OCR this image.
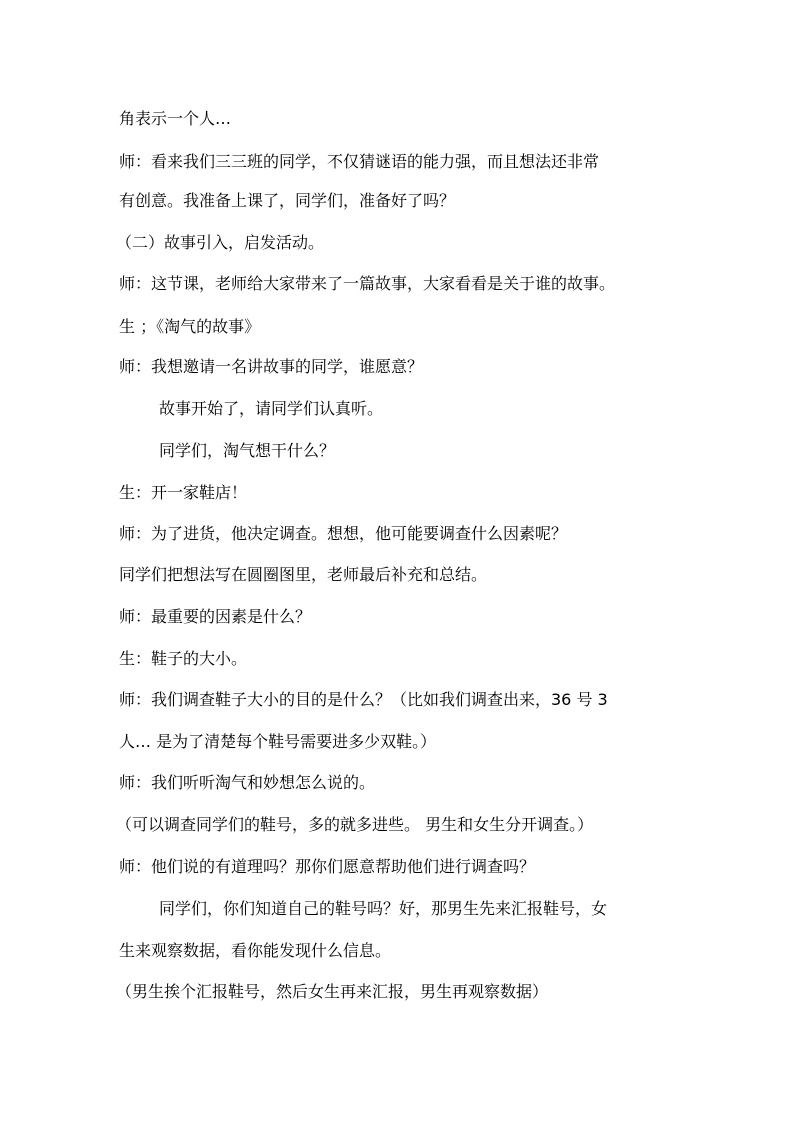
角表示一个人…
师：看来我们三三班的同学，不仅猜谜语的能力强，而且想法还非常
有创意。我准备上课了，同学们，准备好了吗？
（二）故事引入，启发活动。
师：这节课，老师给大家带来了一篇故事，大家看看是关于谁的故事。
生 ；《淘气的故事》
师：我想邀请一名讲故事的同学，谁愿意？
故事开始了，请同学们认真听。
同学们，淘气想干什么？
生：开一家鞋店！
师：为了进货，他决定调查。想想，他可能要调查什么因素呢？
同学们把想法写在圆圈图里，老师最后补充和总结。
师：最重要的因素是什么？
生：鞋子的大小。
师：我们调查鞋子大小的目的是什么？（比如我们调查出来，36 号 3
人… 是为了清楚每个鞋号需要进多少双鞋。）
师：我们听听淘气和妙想怎么说的。
（可以调查同学们的鞋号，多的就多进些。 男生和女生分开调查。）
师：他们说的有道理吗？那你们愿意帮助他们进行调查吗？
同学们，你们知道自己的鞋号吗？好，那男生先来汇报鞋号，女
生来观察数据，看你能发现什么信息。
（男生挨个汇报鞋号，然后女生再来汇报，男生再观察数据）
